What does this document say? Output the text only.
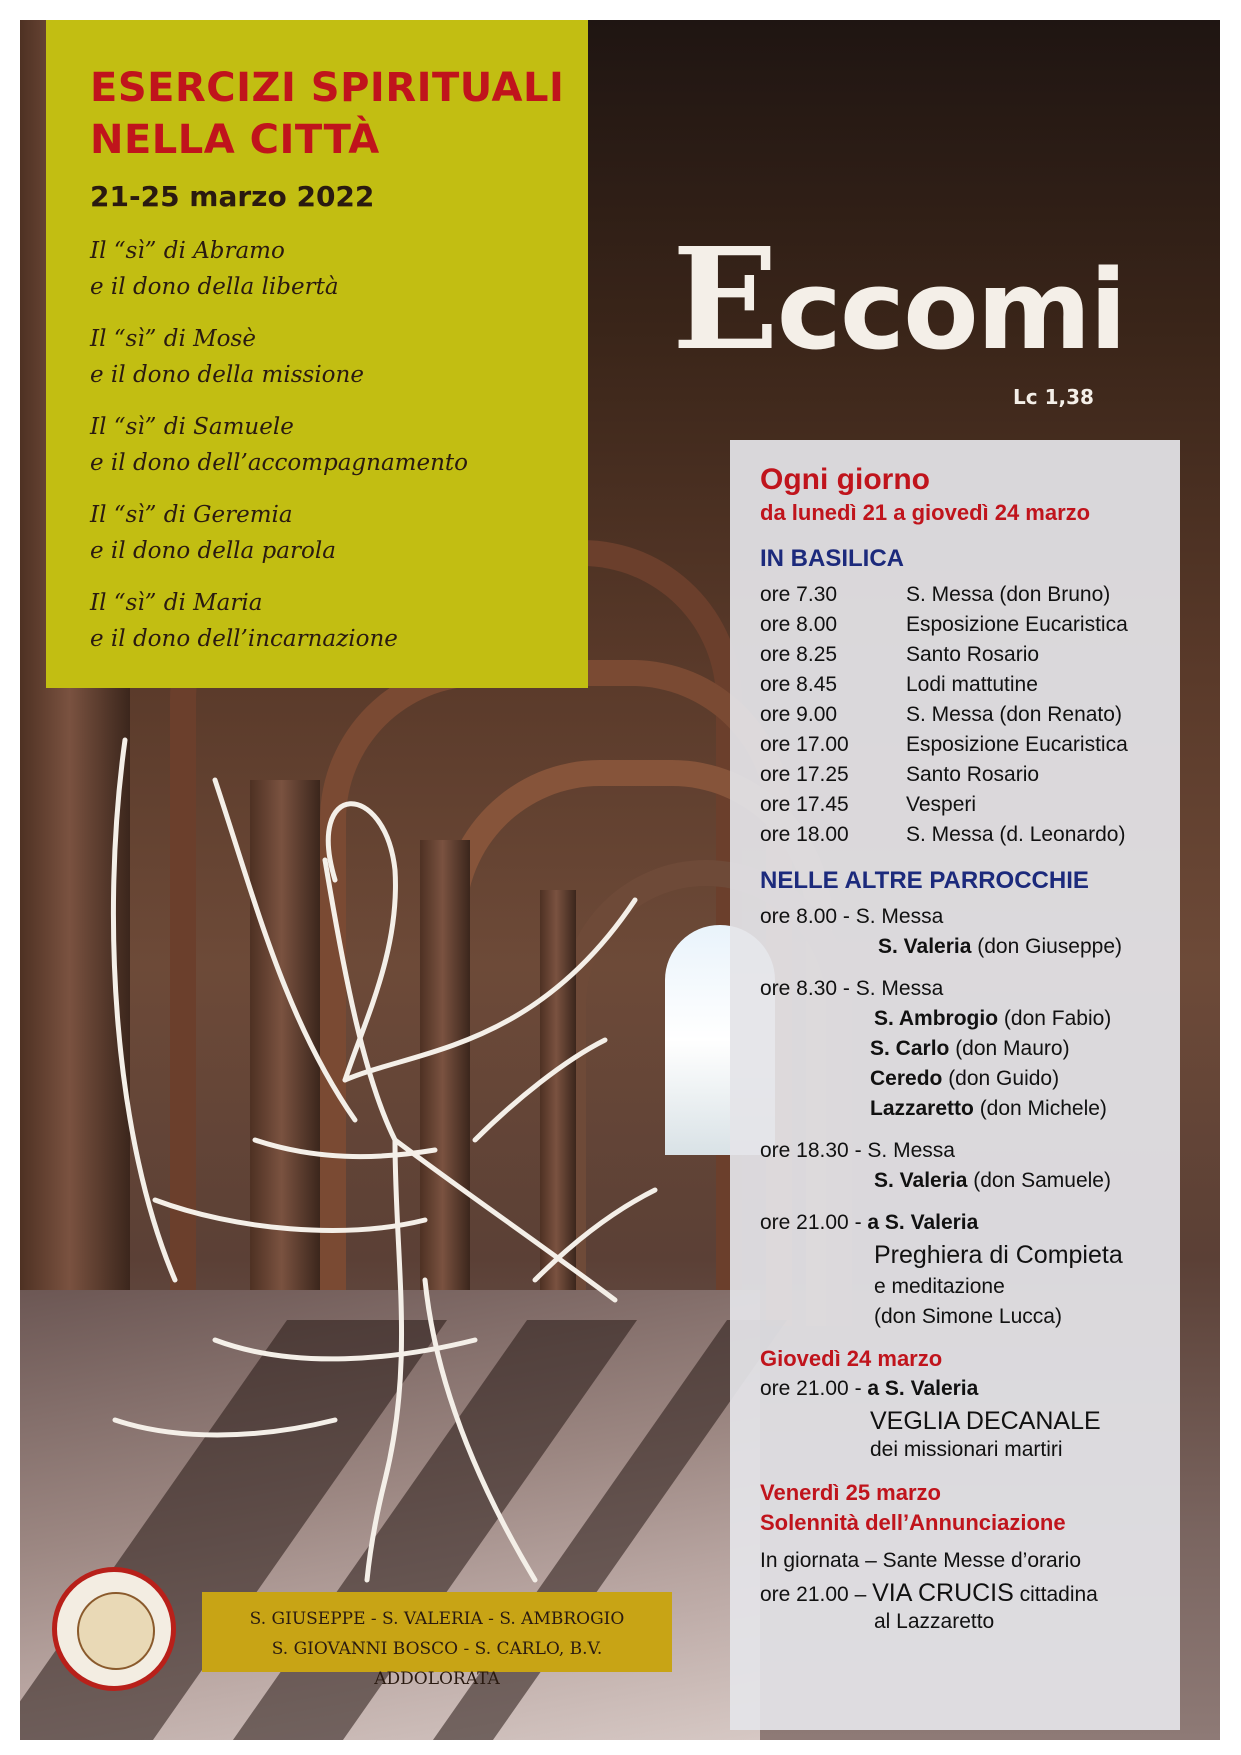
ESERCIZI SPIRITUALI

NELLA CITTÀ

21-25 marzo 2022

Il “sì” di Abramo
e il dono della libertà

Il “sì” di Mosè
e il dono della missione

Il “sì” di Samuele
e il dono dell’accompagnamento

Il “sì” di Geremia
e il dono della parola

Il “sì” di Maria
e il dono dell’incarnazione

Eccomi
Lc 1,38
Ogni giorno
da lunedì 21 a giovedì 24 marzo
IN BASILICA
ore 7.30	S. Messa (don Bruno)
ore 8.00	Esposizione Eucaristica
ore 8.25	Santo Rosario
ore 8.45	Lodi mattutine
ore 9.00	S. Messa (don Renato)
ore 17.00	Esposizione Eucaristica
ore 17.25	Santo Rosario
ore 17.45	Vesperi
ore 18.00	S. Messa (d. Leonardo)
NELLE ALTRE PARROCCHIE
ore 8.00 - S. Messa
S. Valeria (don Giuseppe)
ore 8.30 - S. Messa
S. Ambrogio (don Fabio)
S. Carlo (don Mauro)
Ceredo (don Guido)
Lazzaretto (don Michele)
ore 18.30 - S. Messa
S. Valeria (don Samuele)
ore 21.00 - a S. Valeria
Preghiera di Compieta
e meditazione
(don Simone Lucca)
Giovedì 24 marzo
ore 21.00 - a S. Valeria
VEGLIA DECANALE
dei missionari martiri
Venerdì 25 marzo
Solennità dell’Annunciazione
In giornata – Sante Messe d’orario
ore 21.00 – VIA CRUCIS cittadina
al Lazzaretto
S. GIUSEPPE - S. VALERIA - S. AMBROGIO
S. GIOVANNI BOSCO - S. CARLO, B.V. ADDOLORATA
